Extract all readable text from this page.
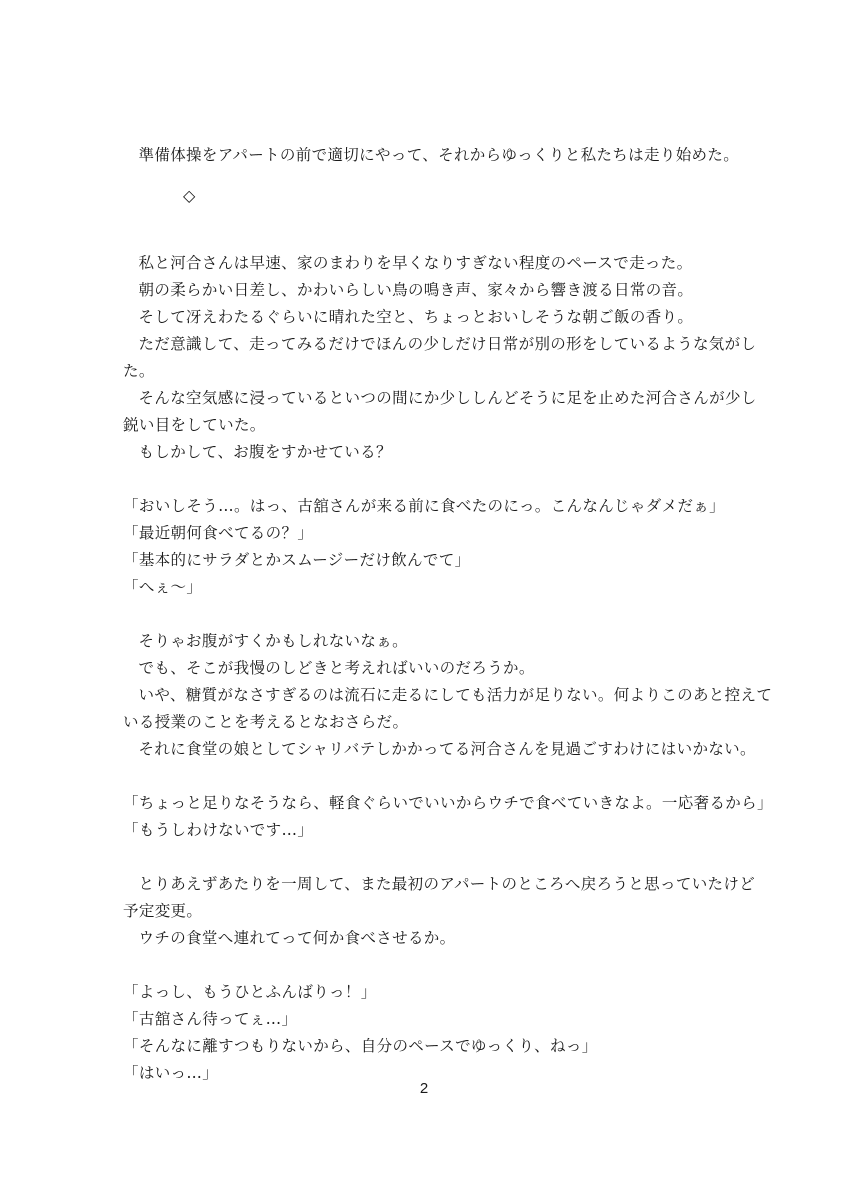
準備体操をアパートの前で適切にやって、それからゆっくりと私たちは走り始めた。
◇
私と河合さんは早速、家のまわりを早くなりすぎない程度のペースで走った。
朝の柔らかい日差し、かわいらしい鳥の鳴き声、家々から響き渡る日常の音。
そして冴えわたるぐらいに晴れた空と、ちょっとおいしそうな朝ご飯の香り。
ただ意識して、走ってみるだけでほんの少しだけ日常が別の形をしているような気がし
た。
そんな空気感に浸っているといつの間にか少ししんどそうに足を止めた河合さんが少し
鋭い目をしていた。
もしかして、お腹をすかせている？
「おいしそう…。はっ、古舘さんが来る前に食べたのにっ。こんなんじゃダメだぁ」
「最近朝何食べてるの？」
「基本的にサラダとかスムージーだけ飲んでて」
「へぇ〜」
そりゃお腹がすくかもしれないなぁ。
でも、そこが我慢のしどきと考えればいいのだろうか。
いや、糖質がなさすぎるのは流石に走るにしても活力が足りない。何よりこのあと控えて
いる授業のことを考えるとなおさらだ。
それに食堂の娘としてシャリバテしかかってる河合さんを見過ごすわけにはいかない。
「ちょっと足りなそうなら、軽食ぐらいでいいからウチで食べていきなよ。一応奢るから」
「もうしわけないです…」
とりあえずあたりを一周して、また最初のアパートのところへ戻ろうと思っていたけど
予定変更。
ウチの食堂へ連れてって何か食べさせるか。
「よっし、もうひとふんばりっ！」
「古舘さん待ってぇ…」
「そんなに離すつもりないから、自分のペースでゆっくり、ねっ」
「はいっ…」
2
